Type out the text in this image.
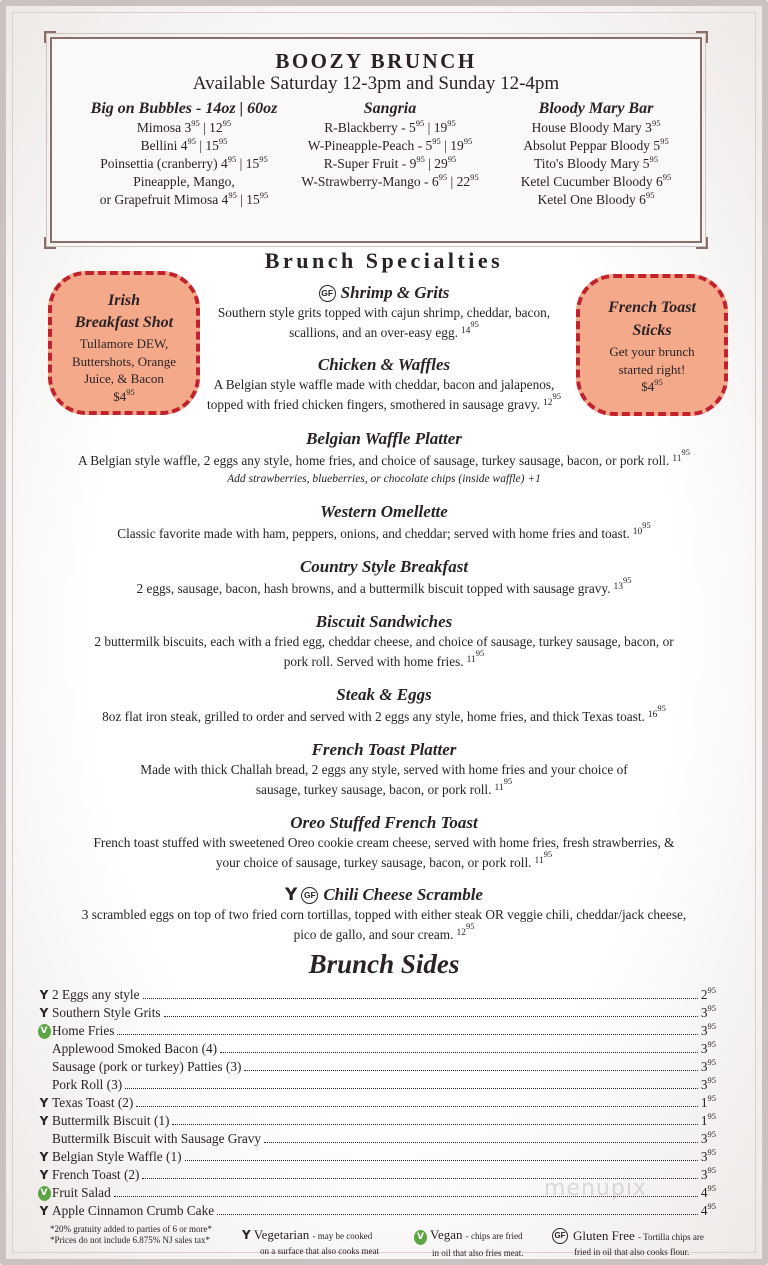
BOOZY BRUNCH
Available Saturday 12-3pm and Sunday 12-4pm
Big on Bubbles - 14oz | 60oz
Mimosa $3^{95}$ | $12^{95}$
Bellini $4^{95}$ | $15^{95}$
Poinsettia (cranberry) $4^{95}$ | $15^{95}$
Pineapple, Mango,
or Grapefruit Mimosa $4^{95}$ | $15^{95}$
Sangria
R-Blackberry - $5^{95}$ | $19^{95}$
W-Pineapple-Peach - $5^{95}$ | $19^{95}$
R-Super Fruit - $9^{95}$ | $29^{95}$
W-Strawberry-Mango - $6^{95}$ | $22^{95}$
Bloody Mary Bar
House Bloody Mary $3^{95}$
Absolut Peppar Bloody $5^{95}$
Tito's Bloody Mary $5^{95}$
Ketel Cucumber Bloody $6^{95}$
Ketel One Bloody $6^{95}$
Brunch Specialties
Irish
Breakfast Shot
Tullamore DEW,
Buttershots, Orange
Juice, & Bacon
$\$4^{95}$
French Toast
Sticks
Get your brunch
started right!
$\$4^{95}$
GF Shrimp & Grits
Southern style grits topped with cajun shrimp, cheddar, bacon,
scallions, and an over-easy egg. $^{14^{95}}$
Chicken & Waffles
A Belgian style waffle made with cheddar, bacon and jalapenos,
topped with fried chicken fingers, smothered in sausage gravy. $^{12^{95}}$
Belgian Waffle Platter
A Belgian style waffle, 2 eggs any style, home fries, and choice of sausage, turkey sausage, bacon, or pork roll. $^{11^{95}}$
Add strawberries, blueberries, or chocolate chips (inside waffle) +1
Western Omellette
Classic favorite made with ham, peppers, onions, and cheddar; served with home fries and toast. $^{10^{95}}$
Country Style Breakfast
2 eggs, sausage, bacon, hash browns, and a buttermilk biscuit topped with sausage gravy. $^{13^{95}}$
Biscuit Sandwiches
2 buttermilk biscuits, each with a fried egg, cheddar cheese, and choice of sausage, turkey sausage, bacon, or
pork roll. Served with home fries. $^{11^{95}}$
Steak & Eggs
8oz flat iron steak, grilled to order and served with 2 eggs any style, home fries, and thick Texas toast. $^{16^{95}}$
French Toast Platter
Made with thick Challah bread, 2 eggs any style, served with home fries and your choice of
sausage, turkey sausage, bacon, or pork roll. $^{11^{95}}$
Oreo Stuffed French Toast
French toast stuffed with sweetened Oreo cookie cream cheese, served with home fries, fresh strawberries, &
your choice of sausage, turkey sausage, bacon, or pork roll. $^{11^{95}}$
Y GF Chili Cheese Scramble
3 scrambled eggs on top of two fried corn tortillas, topped with either steak OR veggie chili, cheddar/jack cheese,
pico de gallo, and sour cream. $^{12^{95}}$
Brunch Sides
Y 2 Eggs any style	$2^{95}$
Y Southern Style Grits	$3^{95}$
V Home Fries	$3^{95}$
Applewood Smoked Bacon (4)	$3^{95}$
Sausage (pork or turkey) Patties (3)	$3^{95}$
Pork Roll (3)	$3^{95}$
Y Texas Toast (2)	$1^{95}$
Y Buttermilk Biscuit (1)	$1^{95}$
Buttermilk Biscuit with Sausage Gravy	$3^{95}$
Y Belgian Style Waffle (1)	$3^{95}$
Y French Toast (2)	$3^{95}$
V Fruit Salad	$4^{95}$
Y Apple Cinnamon Crumb Cake	$4^{95}$
menupix
*20% gratuity added to parties of 6 or more*
*Prices do not include 6.875% NJ sales tax*	Y Vegetarian - may be cooked
on a surface that also cooks meat
V Vegan - chips are fried
in oil that also fries meat.
GF Gluten Free - Tortilla chips are
fried in oil that also cooks flour.
